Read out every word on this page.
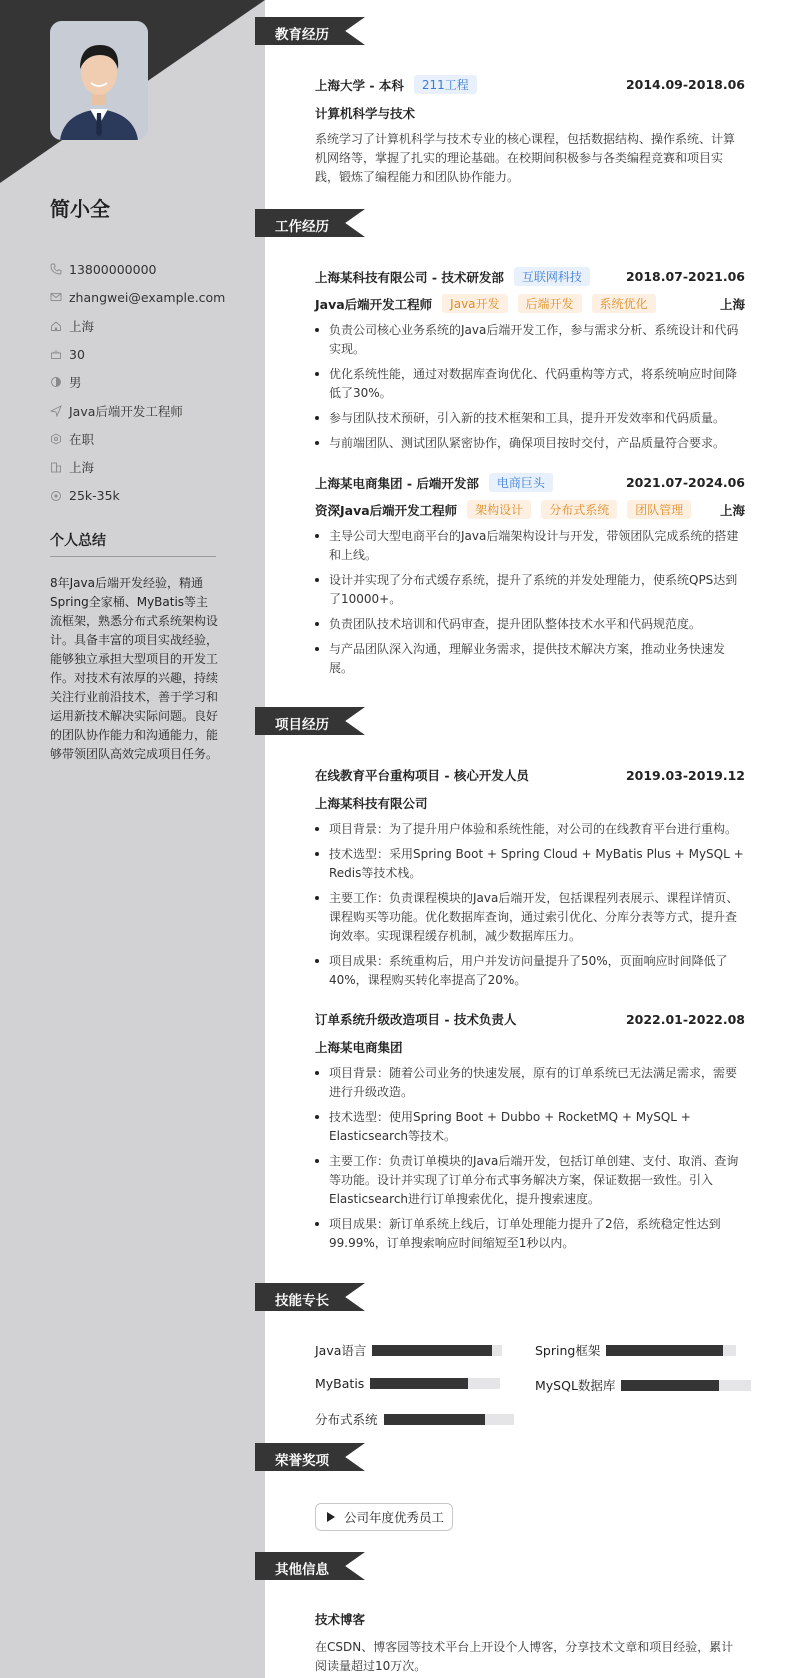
简小全
13800000000
zhangwei@example.com
上海
30
男
Java后端开发工程师
在职
上海
25k-35k
个人总结
8年Java后端开发经验，精通Spring全家桶、MyBatis等主流框架，熟悉分布式系统架构设计。具备丰富的项目实战经验，能够独立承担大型项目的开发工作。对技术有浓厚的兴趣，持续关注行业前沿技术，善于学习和运用新技术解决实际问题。良好的团队协作能力和沟通能力，能够带领团队高效完成项目任务。
教育经历
上海大学 - 本科	211工程	2014.09-2018.06
计算机科学与技术
系统学习了计算机科学与技术专业的核心课程，包括数据结构、操作系统、计算机网络等，掌握了扎实的理论基础。在校期间积极参与各类编程竞赛和项目实践，锻炼了编程能力和团队协作能力。
工作经历
上海某科技有限公司 - 技术研发部	互联网科技	2018.07-2021.06
Java后端开发工程师	Java开发	后端开发	系统优化	上海
负责公司核心业务系统的Java后端开发工作，参与需求分析、系统设计和代码实现。
优化系统性能，通过对数据库查询优化、代码重构等方式，将系统响应时间降低了30%。
参与团队技术预研，引入新的技术框架和工具，提升开发效率和代码质量。
与前端团队、测试团队紧密协作，确保项目按时交付，产品质量符合要求。
上海某电商集团 - 后端开发部	电商巨头	2021.07-2024.06
资深Java后端开发工程师	架构设计	分布式系统	团队管理	上海
主导公司大型电商平台的Java后端架构设计与开发，带领团队完成系统的搭建和上线。
设计并实现了分布式缓存系统，提升了系统的并发处理能力，使系统QPS达到了10000+。
负责团队技术培训和代码审查，提升团队整体技术水平和代码规范度。
与产品团队深入沟通，理解业务需求，提供技术解决方案，推动业务快速发展。
项目经历
在线教育平台重构项目 - 核心开发人员	2019.03-2019.12
上海某科技有限公司
项目背景：为了提升用户体验和系统性能，对公司的在线教育平台进行重构。
技术选型：采用Spring Boot + Spring Cloud + MyBatis Plus + MySQL + Redis等技术栈。
主要工作：负责课程模块的Java后端开发，包括课程列表展示、课程详情页、课程购买等功能。优化数据库查询，通过索引优化、分库分表等方式，提升查询效率。实现课程缓存机制，减少数据库压力。
项目成果：系统重构后，用户并发访问量提升了50%，页面响应时间降低了40%，课程购买转化率提高了20%。
订单系统升级改造项目 - 技术负责人	2022.01-2022.08
上海某电商集团
项目背景：随着公司业务的快速发展，原有的订单系统已无法满足需求，需要进行升级改造。
技术选型：使用Spring Boot + Dubbo + RocketMQ + MySQL + Elasticsearch等技术。
主要工作：负责订单模块的Java后端开发，包括订单创建、支付、取消、查询等功能。设计并实现了订单分布式事务解决方案，保证数据一致性。引入Elasticsearch进行订单搜索优化，提升搜索速度。
项目成果：新订单系统上线后，订单处理能力提升了2倍，系统稳定性达到99.99%，订单搜索响应时间缩短至1秒以内。
技能专长
Java语言	Spring框架
MyBatis	MySQL数据库
分布式系统
荣誉奖项
公司年度优秀员工
其他信息
技术博客
在CSDN、博客园等技术平台上开设个人博客，分享技术文章和项目经验，累计阅读量超过10万次。
